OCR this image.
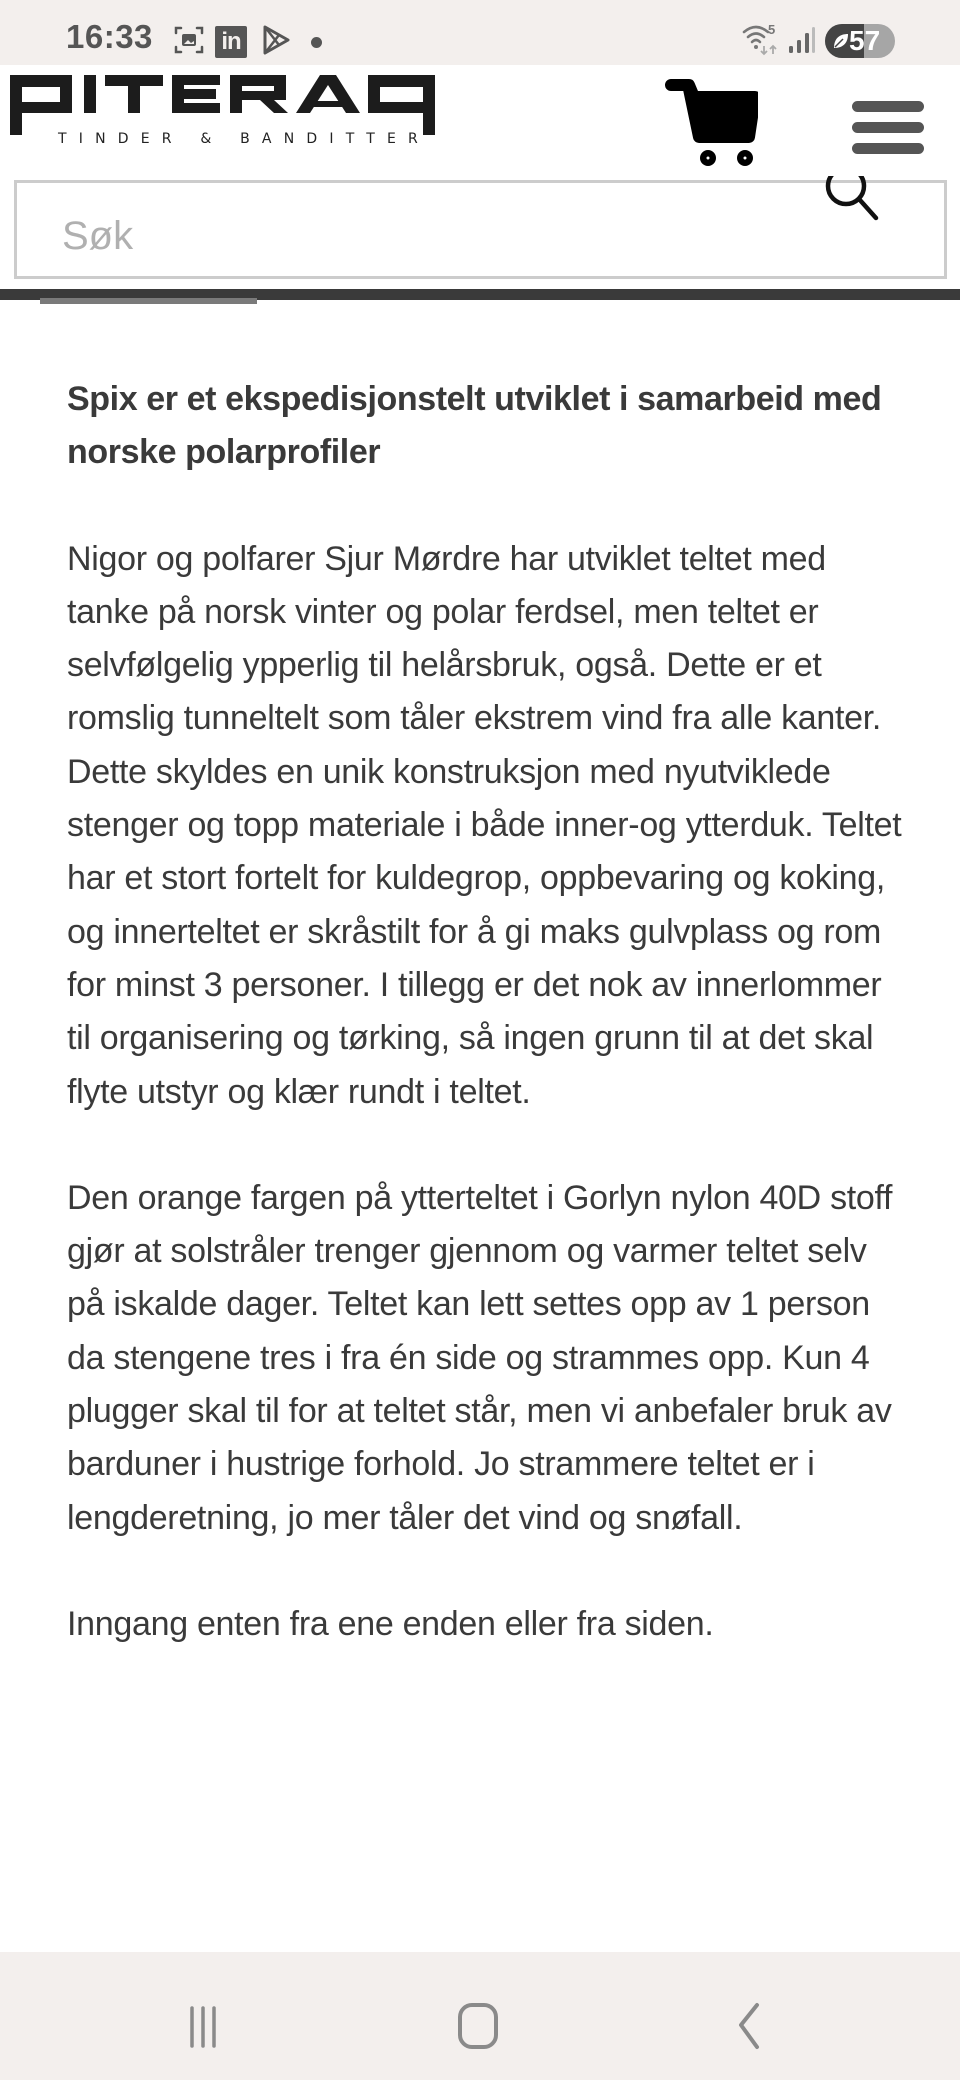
16:33	in	5	57
TINDER & BANDITTER
Søk
Spix er et ekspedisjonstelt utviklet i samarbeid med norske polarprofiler

Nigor og polfarer Sjur Mørdre har utviklet teltet med tanke på norsk vinter og polar ferdsel, men teltet er selvfølgelig ypperlig til helårsbruk, også. Dette er et romslig tunneltelt som tåler ekstrem vind fra alle kanter. Dette skyldes en unik konstruksjon med nyutviklede stenger og topp materiale i både inner-og ytterduk. Teltet har et stort fortelt for kuldegrop, oppbevaring og koking, og innerteltet er skråstilt for å gi maks gulvplass og rom for minst 3 personer. I tillegg er det nok av innerlommer til organisering og tørking, så ingen grunn til at det skal flyte utstyr og klær rundt i teltet.

Den orange fargen på ytterteltet i Gorlyn nylon 40D stoff gjør at solstråler trenger gjennom og varmer teltet selv på iskalde dager. Teltet kan lett settes opp av 1 person da stengene tres i fra én side og strammes opp. Kun 4 plugger skal til for at teltet står, men vi anbefaler bruk av barduner i hustrige forhold. Jo strammere teltet er i lengderetning, jo mer tåler det vind og snøfall.

Inngang enten fra ene enden eller fra siden.
